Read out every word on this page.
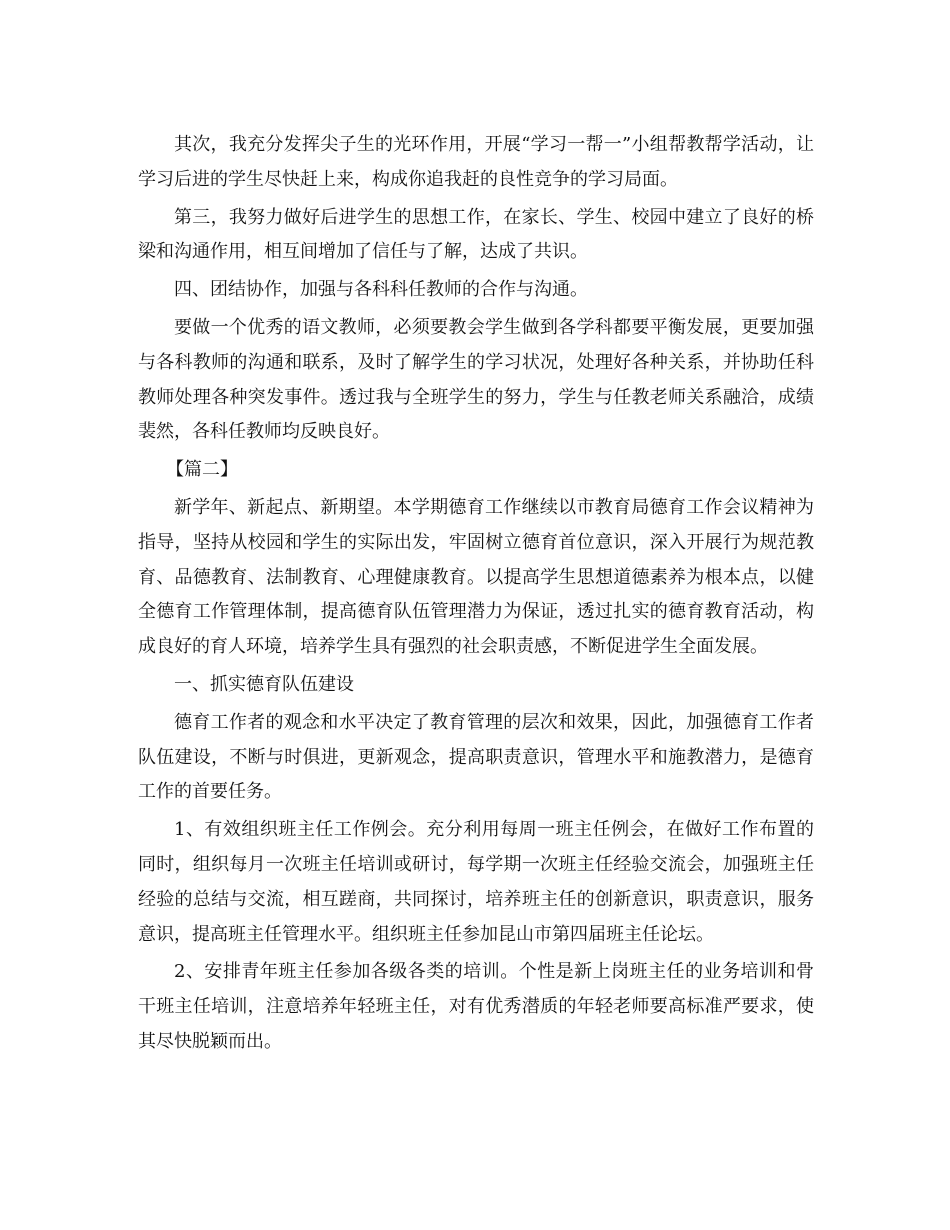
其次，我充分发挥尖子生的光环作用，开展“学习一帮一”小组帮教帮学活动，让学习后进的学生尽快赶上来，构成你追我赶的良性竞争的学习局面。

第三，我努力做好后进学生的思想工作，在家长、学生、校园中建立了良好的桥梁和沟通作用，相互间增加了信任与了解，达成了共识。

四、团结协作，加强与各科科任教师的合作与沟通。

要做一个优秀的语文教师，必须要教会学生做到各学科都要平衡发展，更要加强与各科教师的沟通和联系，及时了解学生的学习状况，处理好各种关系，并协助任科教师处理各种突发事件。透过我与全班学生的努力，学生与任教老师关系融洽，成绩裴然，各科任教师均反映良好。

【篇二】

新学年、新起点、新期望。本学期德育工作继续以市教育局德育工作会议精神为指导，坚持从校园和学生的实际出发，牢固树立德育首位意识，深入开展行为规范教育、品德教育、法制教育、心理健康教育。以提高学生思想道德素养为根本点，以健全德育工作管理体制，提高德育队伍管理潜力为保证，透过扎实的德育教育活动，构成良好的育人环境，培养学生具有强烈的社会职责感，不断促进学生全面发展。

一、抓实德育队伍建设

德育工作者的观念和水平决定了教育管理的层次和效果，因此，加强德育工作者队伍建设，不断与时俱进，更新观念，提高职责意识，管理水平和施教潜力，是德育工作的首要任务。

1、有效组织班主任工作例会。充分利用每周一班主任例会，在做好工作布置的同时，组织每月一次班主任培训或研讨，每学期一次班主任经验交流会，加强班主任经验的总结与交流，相互蹉商，共同探讨，培养班主任的创新意识，职责意识，服务意识，提高班主任管理水平。组织班主任参加昆山市第四届班主任论坛。

2、安排青年班主任参加各级各类的培训。个性是新上岗班主任的业务培训和骨干班主任培训，注意培养年轻班主任，对有优秀潜质的年轻老师要高标准严要求，使其尽快脱颖而出。
